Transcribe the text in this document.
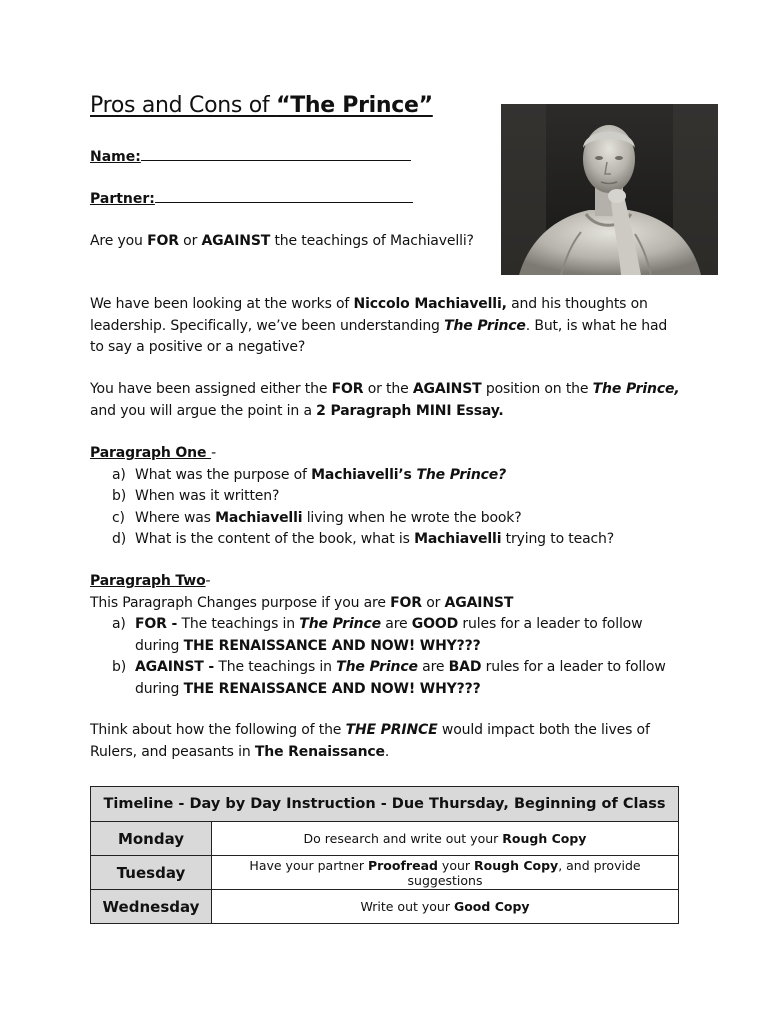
Pros and Cons of “The Prince”
Name:
Partner:
Are you FOR or AGAINST the teachings of Machiavelli?
We have been looking at the works of Niccolo Machiavelli, and his thoughts on
leadership. Specifically, we’ve been understanding The Prince. But, is what he had
to say a positive or a negative?
You have been assigned either the FOR or the AGAINST position on the The Prince,
and you will argue the point in a 2 Paragraph MINI Essay.
Paragraph One -
a) What was the purpose of Machiavelli’s The Prince?
b) When was it written?
c) Where was Machiavelli living when he wrote the book?
d) What is the content of the book, what is Machiavelli trying to teach?
Paragraph Two-
This Paragraph Changes purpose if you are FOR or AGAINST
a) FOR - The teachings in The Prince are GOOD rules for a leader to follow
during THE RENAISSANCE AND NOW! WHY???
b) AGAINST - The teachings in The Prince are BAD rules for a leader to follow
during THE RENAISSANCE AND NOW! WHY???
Think about how the following of the THE PRINCE would impact both the lives of
Rulers, and peasants in The Renaissance.
Timeline - Day by Day Instruction - Due Thursday, Beginning of Class	
Monday	Do research and write out your Rough Copy
Tuesday	Have your partner Proofread your Rough Copy, and provide suggestions
Wednesday	Write out your Good Copy
